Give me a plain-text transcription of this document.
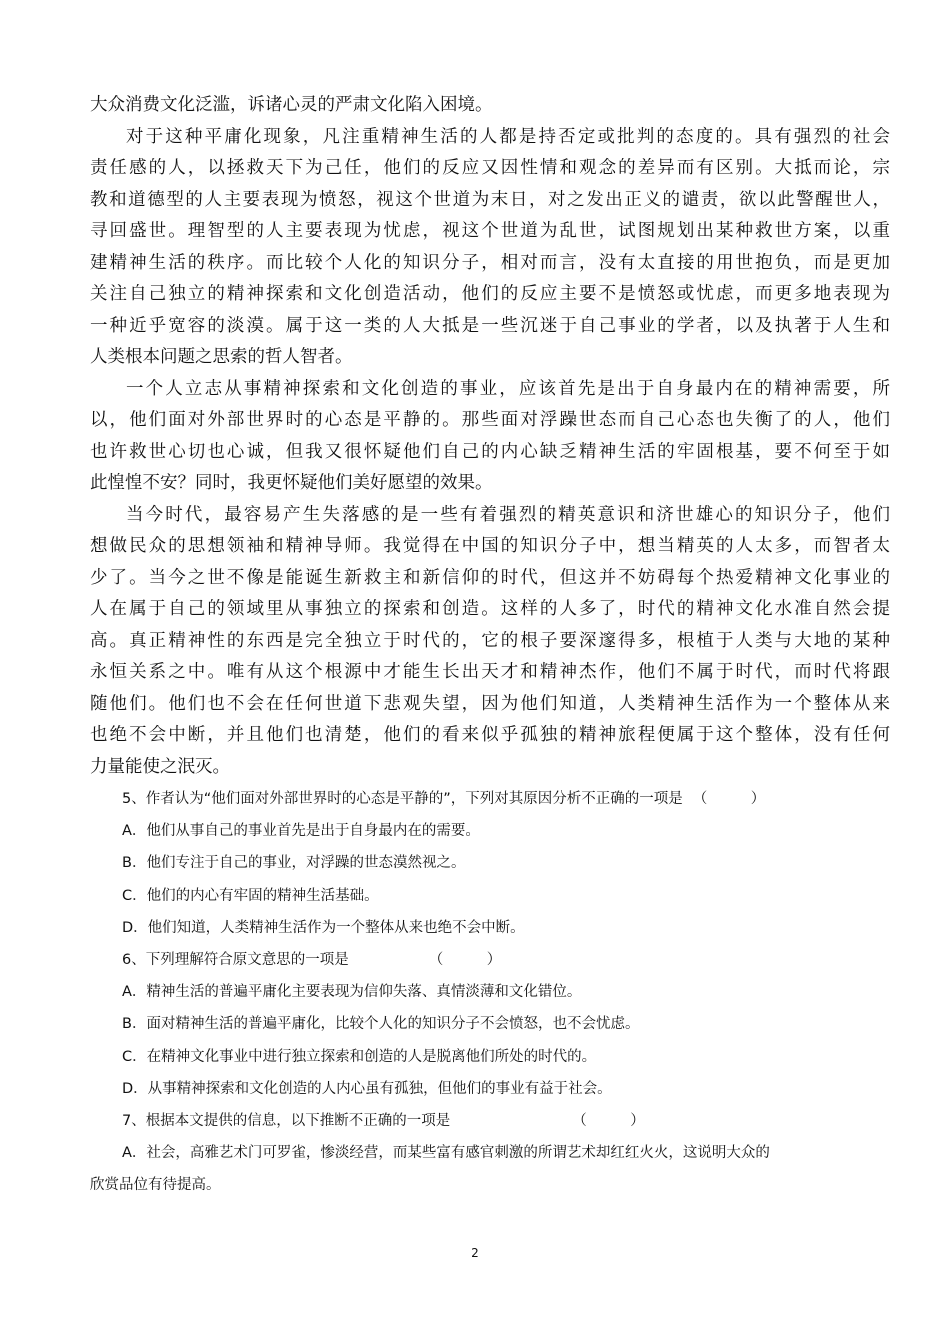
大众消费文化泛滥，诉诸心灵的严肃文化陷入困境。
对于这种平庸化现象，凡注重精神生活的人都是持否定或批判的态度的。具有强烈的社会
责任感的人，以拯救天下为己任，他们的反应又因性情和观念的差异而有区别。大抵而论，宗
教和道德型的人主要表现为愤怒，视这个世道为末日，对之发出正义的谴责，欲以此警醒世人，
寻回盛世。理智型的人主要表现为忧虑，视这个世道为乱世，试图规划出某种救世方案，以重
建精神生活的秩序。而比较个人化的知识分子，相对而言，没有太直接的用世抱负，而是更加
关注自己独立的精神探索和文化创造活动，他们的反应主要不是愤怒或忧虑，而更多地表现为
一种近乎宽容的淡漠。属于这一类的人大抵是一些沉迷于自己事业的学者，以及执著于人生和
人类根本问题之思索的哲人智者。
一个人立志从事精神探索和文化创造的事业，应该首先是出于自身最内在的精神需要，所
以，他们面对外部世界时的心态是平静的。那些面对浮躁世态而自己心态也失衡了的人，他们
也许救世心切也心诚，但我又很怀疑他们自己的内心缺乏精神生活的牢固根基，要不何至于如
此惶惶不安？同时，我更怀疑他们美好愿望的效果。
当今时代，最容易产生失落感的是一些有着强烈的精英意识和济世雄心的知识分子，他们
想做民众的思想领袖和精神导师。我觉得在中国的知识分子中，想当精英的人太多，而智者太
少了。当今之世不像是能诞生新救主和新信仰的时代，但这并不妨碍每个热爱精神文化事业的
人在属于自己的领域里从事独立的探索和创造。这样的人多了，时代的精神文化水准自然会提
高。真正精神性的东西是完全独立于时代的，它的根子要深邃得多，根植于人类与大地的某种
永恒关系之中。唯有从这个根源中才能生长出天才和精神杰作，他们不属于时代，而时代将跟
随他们。他们也不会在任何世道下悲观失望，因为他们知道，人类精神生活作为一个整体从来
也绝不会中断，并且他们也清楚，他们的看来似乎孤独的精神旅程便属于这个整体，没有任何
力量能使之泯灭。
5、作者认为“他们面对外部世界时的心态是平静的”，下列对其原因分析不正确的一项是 （　　　）
A．他们从事自己的事业首先是出于自身最内在的需要。
B．他们专注于自己的事业，对浮躁的世态漠然视之。
C．他们的内心有牢固的精神生活基础。
D．他们知道，人类精神生活作为一个整体从来也绝不会中断。
6、下列理解符合原文意思的一项是	（　　　）
A．精神生活的普遍平庸化主要表现为信仰失落、真情淡薄和文化错位。
B．面对精神生活的普遍平庸化，比较个人化的知识分子不会愤怒，也不会忧虑。
C．在精神文化事业中进行独立探索和创造的人是脱离他们所处的时代的。
D．从事精神探索和文化创造的人内心虽有孤独，但他们的事业有益于社会。
7、根据本文提供的信息，以下推断不正确的一项是	（　　　）
A．社会，高雅艺术门可罗雀，惨淡经营，而某些富有感官刺激的所谓艺术却红红火火，这说明大众的
欣赏品位有待提高。
2
